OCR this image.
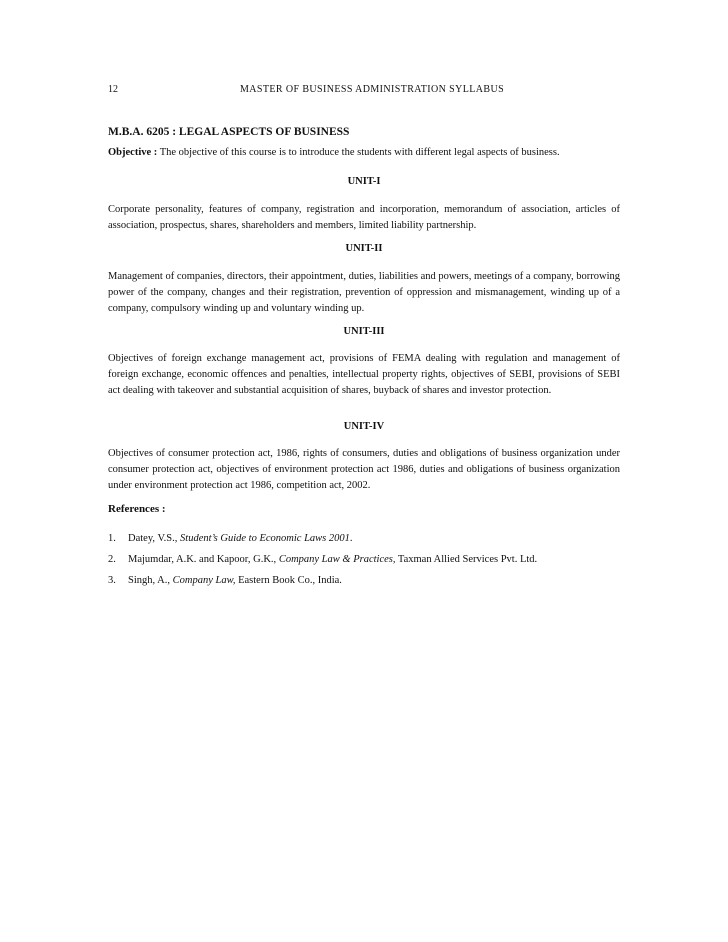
12	MASTER OF BUSINESS ADMINISTRATION SYLLABUS
M.B.A. 6205 : LEGAL ASPECTS OF BUSINESS
Objective : The objective of this course is to introduce the students with different legal aspects of business.
UNIT-I

Corporate personality, features of company, registration and incorporation, memorandum of association, articles of association, prospectus, shares, shareholders and members, limited liability partnership.

UNIT-II

Management of companies, directors, their appointment, duties, liabilities and powers, meetings of a company, borrowing power of the company, changes and their registration, prevention of oppression and mismanagement, winding up of a company, compulsory winding up and voluntary winding up.

UNIT-III

Objectives of foreign exchange management act, provisions of FEMA dealing with regulation and management of foreign exchange, economic offences and penalties, intellectual property rights, objectives of SEBI, provisions of SEBI act dealing with takeover and substantial acquisition of shares, buyback of shares and investor protection.

UNIT-IV

Objectives of consumer protection act, 1986, rights of consumers, duties and obligations of business organization under consumer protection act, objectives of environment protection act 1986, duties and obligations of business organization under environment protection act 1986, competition act, 2002.

References :
1. Datey, V.S., Student’s Guide to Economic Laws 2001.
2. Majumdar, A.K. and Kapoor, G.K., Company Law & Practices, Taxman Allied Services Pvt. Ltd.
3. Singh, A., Company Law, Eastern Book Co., India.
